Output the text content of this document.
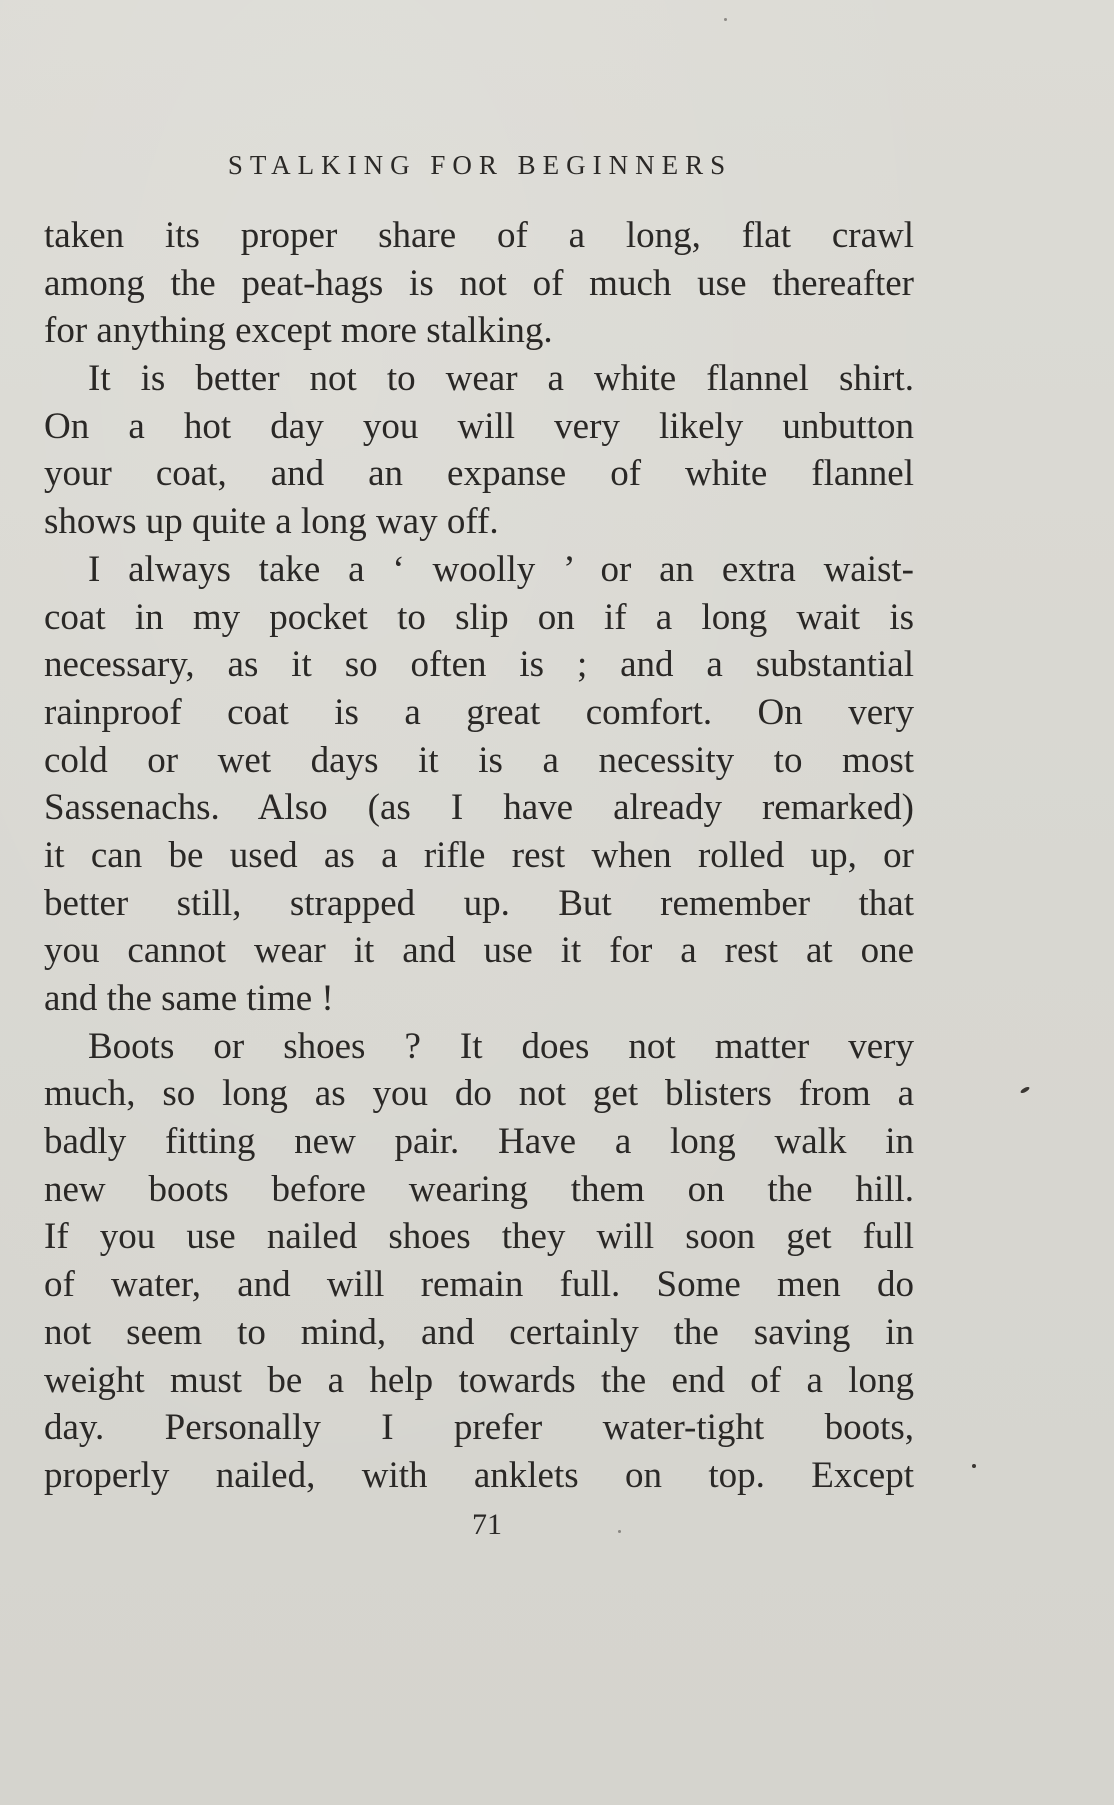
STALKING FOR BEGINNERS
taken its proper share of a long, flat crawl
among the peat-hags is not of much use thereafter
for anything except more stalking.
It is better not to wear a white flannel shirt.
On a hot day you will very likely unbutton
your coat, and an expanse of white flannel
shows up quite a long way off.
I always take a ‘ woolly ’ or an extra waist-
coat in my pocket to slip on if a long wait is
necessary, as it so often is ; and a substantial
rainproof coat is a great comfort. On very
cold or wet days it is a necessity to most
Sassenachs. Also (as I have already remarked)
it can be used as a rifle rest when rolled up, or
better still, strapped up. But remember that
you cannot wear it and use it for a rest at one
and the same time !
Boots or shoes ? It does not matter very
much, so long as you do not get blisters from a
badly fitting new pair. Have a long walk in
new boots before wearing them on the hill.
If you use nailed shoes they will soon get full
of water, and will remain full. Some men do
not seem to mind, and certainly the saving in
weight must be a help towards the end of a long
day. Personally I prefer water-tight boots,
properly nailed, with anklets on top. Except
71
